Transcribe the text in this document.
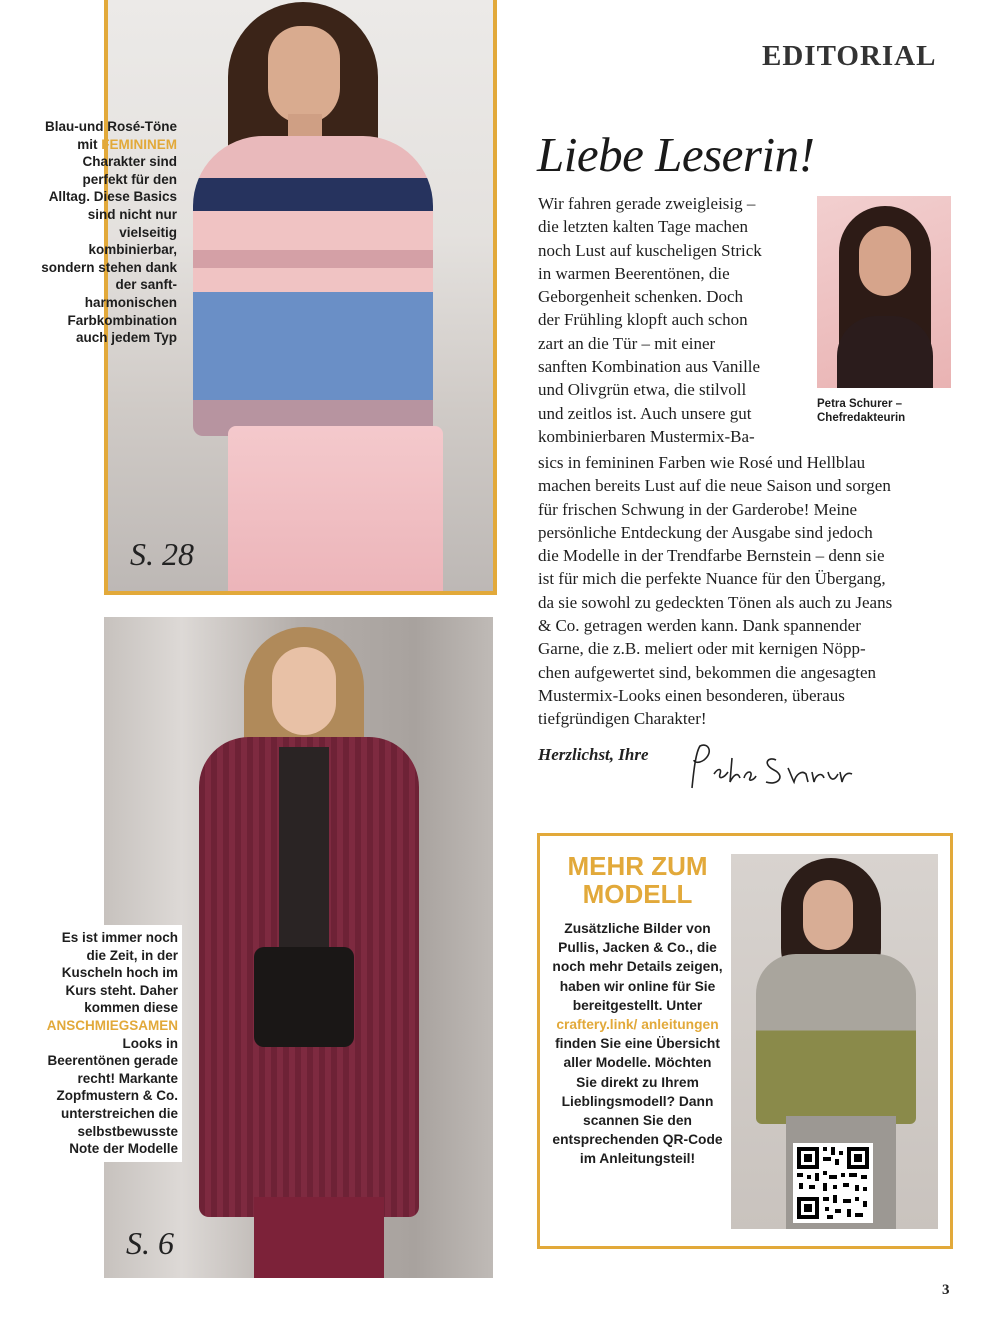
S. 28
Blau-und Rosé-Töne mit FEMININEM Charakter sind perfekt für den Alltag. Diese Basics sind nicht nur vielseitig kombinierbar, sondern stehen dank der sanft-harmonischen Farbkombination auch jedem Typ
S. 6
Es ist immer noch die Zeit, in der Kuscheln hoch im Kurs steht. Daher kommen diese ANSCHMIEGSAMEN Looks in Beerentönen gerade recht! Markante Zopfmustern & Co. unterstreichen die selbstbewusste Note der Modelle
EDITORIAL
Liebe Leserin!
Wir fahren gerade zweigleisig –
die letzten kalten Tage machen
noch Lust auf kuscheligen Strick
in warmen Beerentönen, die
Geborgenheit schenken. Doch
der Frühling klopft auch schon
zart an die Tür – mit einer
sanften Kombination aus Vanille
und Olivgrün etwa, die stilvoll
und zeitlos ist. Auch unsere gut
kombinierbaren Mustermix-Ba-
sics in femininen Farben wie Rosé und Hellblau
machen bereits Lust auf die neue Saison und sorgen
für frischen Schwung in der Garderobe! Meine
persönliche Entdeckung der Ausgabe sind jedoch
die Modelle in der Trendfarbe Bernstein – denn sie
ist für mich die perfekte Nuance für den Übergang,
da sie sowohl zu gedeckten Tönen als auch zu Jeans
& Co. getragen werden kann. Dank spannender
Garne, die z.B. meliert oder mit kernigen Nöpp-
chen aufgewertet sind, bekommen die angesagten
Mustermix-Looks einen besonderen, überaus
tiefgründigen Charakter!
Petra Schurer –
Chefredakteurin
Herzlichst, Ihre
MEHR ZUM
MODELL
Zusätzliche Bilder von Pullis, Jacken & Co., die noch mehr Details zeigen, haben wir online für Sie bereitgestellt. Unter craftery.link/ anleitungen finden Sie eine Übersicht aller Modelle. Möchten Sie direkt zu Ihrem Lieblingsmodell? Dann scannen Sie den entsprechenden QR-Code im Anleitungsteil!
3
